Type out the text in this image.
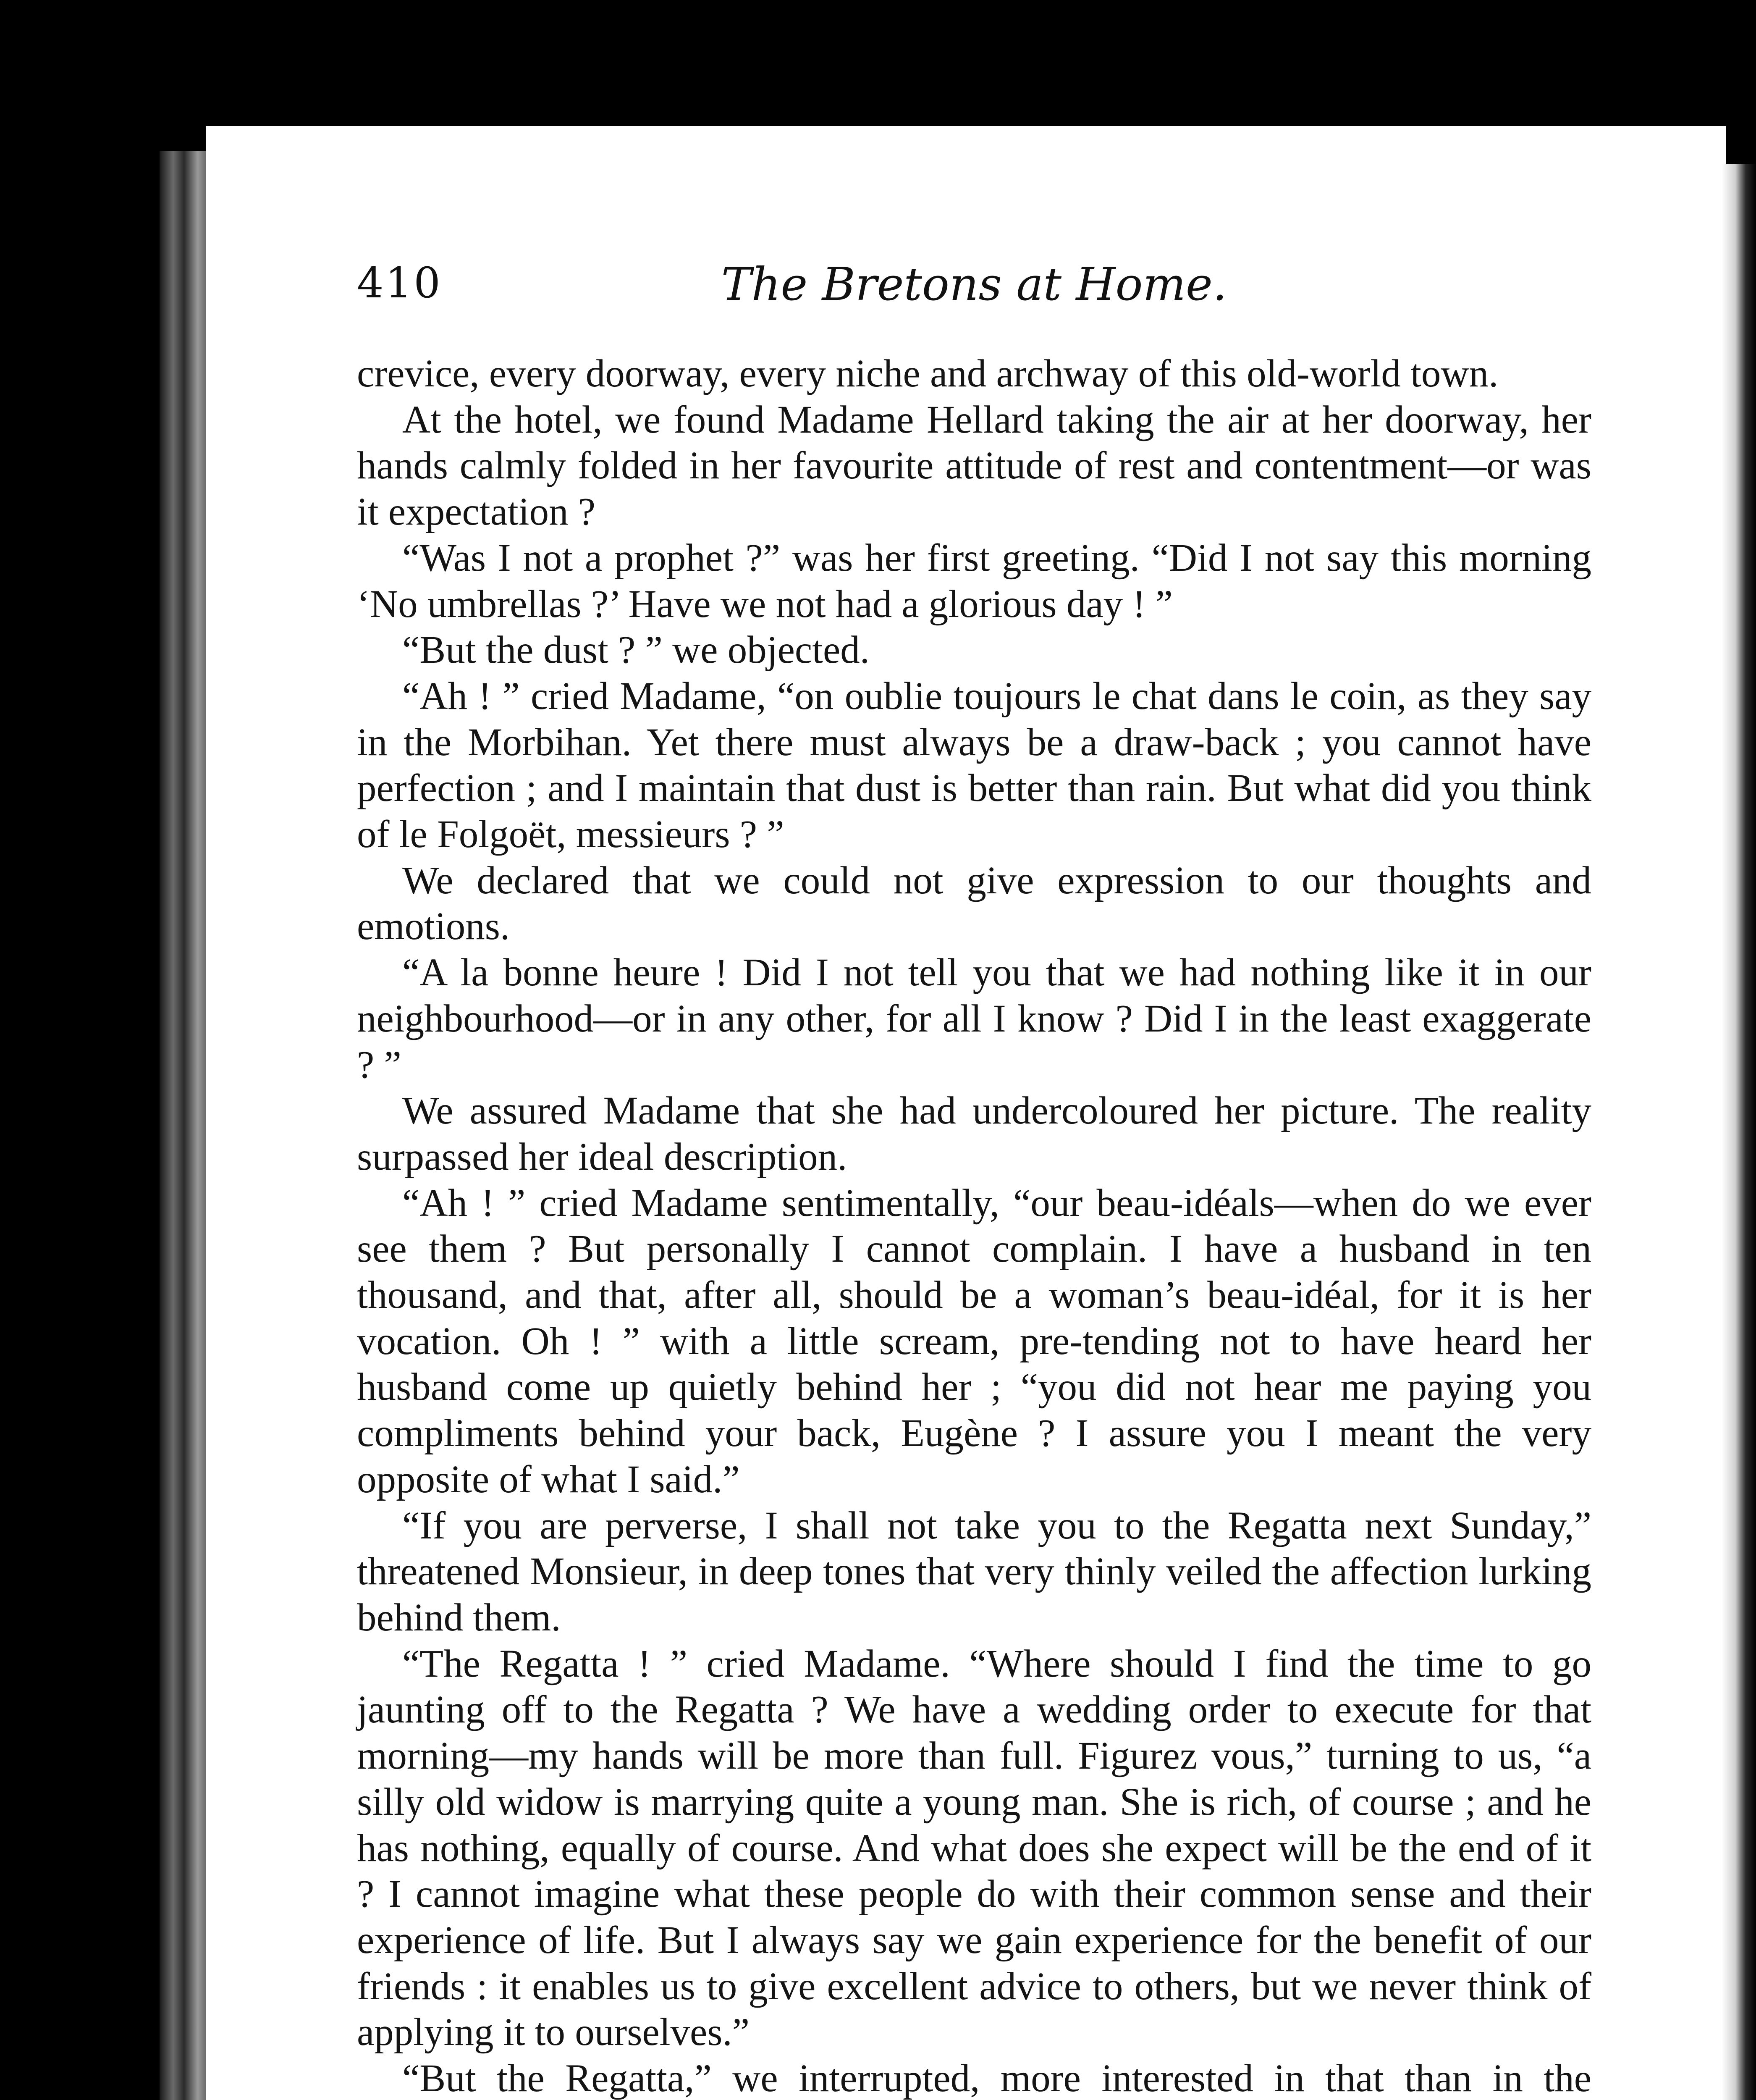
410	The Bretons at Home.

crevice, every doorway, every niche and archway of this old-world town.

At the hotel, we found Madame Hellard taking the air at her doorway, her hands calmly folded in her favourite attitude of rest and contentment—or was it expectation ?

“Was I not a prophet ?” was her first greeting. “Did I not say this morning ‘No umbrellas ?’ Have we not had a glorious day ! ”

“But the dust ? ” we objected.

“Ah ! ” cried Madame, “on oublie toujours le chat dans le coin, as they say in the Morbihan. Yet there must always be a draw-back ; you cannot have perfection ; and I maintain that dust is better than rain. But what did you think of le Folgoët, messieurs ? ”

We declared that we could not give expression to our thoughts and emotions.

“A la bonne heure ! Did I not tell you that we had nothing like it in our neighbourhood—or in any other, for all I know ? Did I in the least exaggerate ? ”

We assured Madame that she had undercoloured her picture. The reality surpassed her ideal description.

“Ah ! ” cried Madame sentimentally, “our beau-idéals—when do we ever see them ? But personally I cannot complain. I have a husband in ten thousand, and that, after all, should be a woman’s beau-idéal, for it is her vocation. Oh ! ” with a little scream, pre-tending not to have heard her husband come up quietly behind her ; “you did not hear me paying you compliments behind your back, Eugène ? I assure you I meant the very opposite of what I said.”

“If you are perverse, I shall not take you to the Regatta next Sunday,” threatened Monsieur, in deep tones that very thinly veiled the affection lurking behind them.

“The Regatta ! ” cried Madame. “Where should I find the time to go jaunting off to the Regatta ? We have a wedding order to execute for that morning—my hands will be more than full. Figurez vous,” turning to us, “a silly old widow is marrying quite a young man. She is rich, of course ; and he has nothing, equally of course. And what does she expect will be the end of it ? I cannot imagine what these people do with their common sense and their experience of life. But I always say we gain experience for the benefit of our friends : it enables us to give excellent advice to others, but we never think of applying it to ourselves.”

“But the Regatta,” we interrupted, more interested in that than in the
